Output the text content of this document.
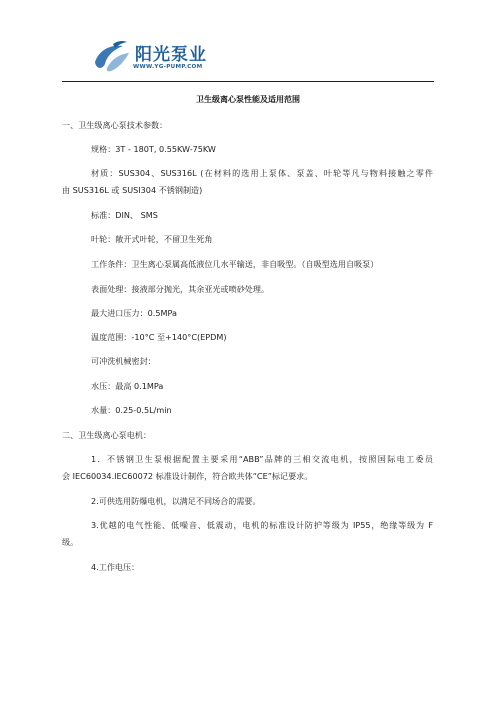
阳光泵业
WWW.YG-PUMP.COM
卫生级离心泵性能及适用范围
一、卫生级离心泵技术参数：
规格：3T - 180T, 0.55KW-75KW
材质：SUS304、SUS316L (在材料的选用上泵体、泵盖、叶轮等凡与物料接触之零件
由 SUS316L 或 SUSI304 不锈钢制造)
标准：DIN、 SMS
叶轮：敞开式叶轮，不留卫生死角
工作条件：卫生离心泵属高低液位几水平输送，非自吸型。（自吸型选用自吸泵）
表面处理：接液部分抛光，其余亚光或喷砂处理。
最大进口压力：0.5MPa
温度范围：-10°C 至+140°C(EPDM)
可冲洗机械密封：
水压：最高 0.1MPa
水量：0.25-0.5L/min
二、卫生级离心泵电机：
1．不锈钢卫生泵根据配置主要采用“ABB”品牌的三相交流电机，按照国际电工委员
会 IEC60034.IEC60072 标准设计制作，符合欧共体“CE”标记要求。
2.可供选用防爆电机，以满足不同场合的需要。
3.优越的电气性能、低噪音、低震动，电机的标准设计防护等级为 IP55，绝缘等级为 F
级。
4.工作电压：
